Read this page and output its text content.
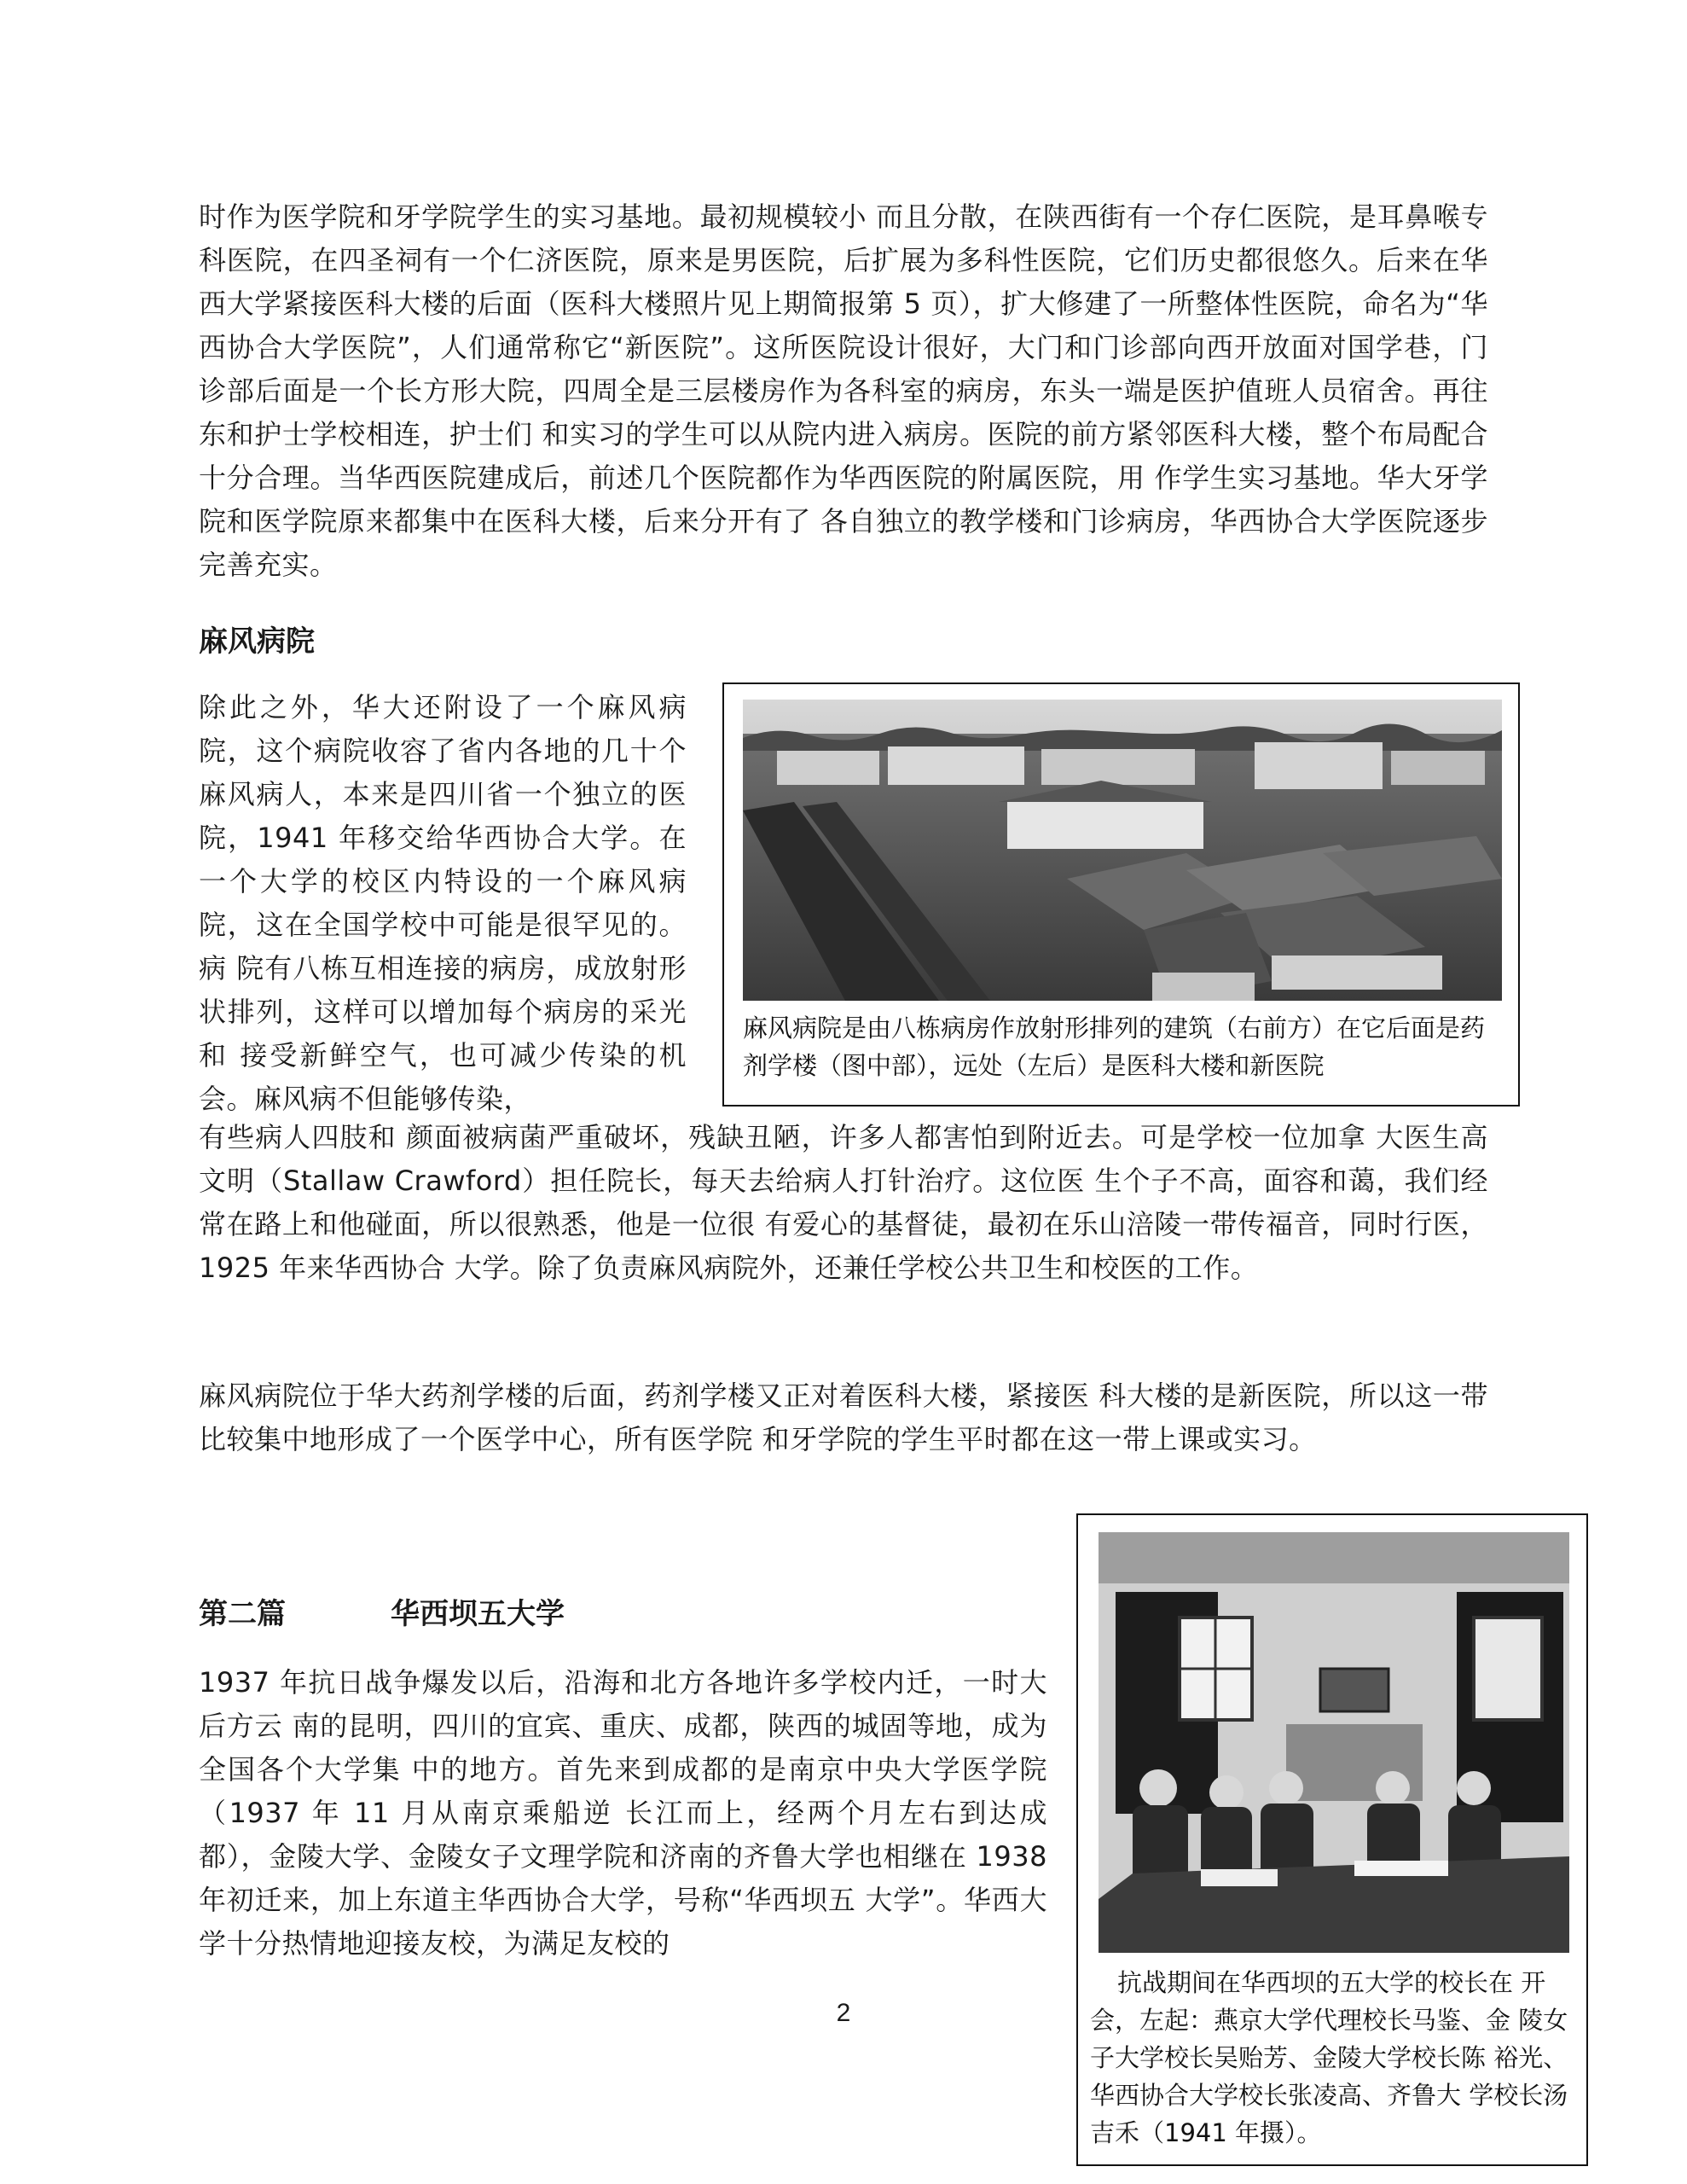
时作为医学院和牙学院学生的实习基地。最初规模较小 而且分散，在陕西街有一个存仁医院，是耳鼻喉专科医院，在四圣祠有一个仁济医院，原来是男医院，后扩展为多科性医院，它们历史都很悠久。后来在华西大学紧接医科大楼的后面（医科大楼照片见上期简报第 5 页），扩大修建了一所整体性医院，命名为“华西协合大学医院”，人们通常称它“新医院”。这所医院设计很好，大门和门诊部向西开放面对国学巷，门诊部后面是一个长方形大院，四周全是三层楼房作为各科室的病房，东头一端是医护值班人员宿舍。再往东和护士学校相连，护士们 和实习的学生可以从院内进入病房。医院的前方紧邻医科大楼，整个布局配合 十分合理。当华西医院建成后，前述几个医院都作为华西医院的附属医院，用 作学生实习基地。华大牙学院和医学院原来都集中在医科大楼，后来分开有了 各自独立的教学楼和门诊病房，华西协合大学医院逐步完善充实。

麻风病院

除此之外，华大还附设了一个麻风病院，这个病院收容了省内各地的几十个麻风病人，本来是四川省一个独立的医院，1941 年移交给华西协合大学。在 一个大学的校区内特设的一个麻风病院，这在全国学校中可能是很罕见的。病 院有八栋互相连接的病房，成放射形状排列，这样可以增加每个病房的采光和 接受新鲜空气，也可减少传染的机会。麻风病不但能够传染，

麻风病院是由八栋病房作放射形排列的建筑（右前方）在它后面是药剂学楼（图中部），远处（左后）是医科大楼和新医院

有些病人四肢和 颜面被病菌严重破坏，残缺丑陋，许多人都害怕到附近去。可是学校一位加拿 大医生高文明（Stallaw Crawford）担任院长，每天去给病人打针治疗。这位医 生个子不高，面容和蔼，我们经常在路上和他碰面，所以很熟悉，他是一位很 有爱心的基督徒，最初在乐山涪陵一带传福音，同时行医，1925 年来华西协合 大学。除了负责麻风病院外，还兼任学校公共卫生和校医的工作。

麻风病院位于华大药剂学楼的后面，药剂学楼又正对着医科大楼，紧接医 科大楼的是新医院，所以这一带比较集中地形成了一个医学中心，所有医学院 和牙学院的学生平时都在这一带上课或实习。

第二篇	华西坝五大学

1937 年抗日战争爆发以后，沿海和北方各地许多学校内迁，一时大后方云 南的昆明，四川的宜宾、重庆、成都，陕西的城固等地，成为全国各个大学集 中的地方。首先来到成都的是南京中央大学医学院（1937 年 11 月从南京乘船逆 长江而上，经两个月左右到达成都），金陵大学、金陵女子文理学院和济南的齐鲁大学也相继在 1938 年初迁来，加上东道主华西协合大学，号称“华西坝五 大学”。华西大学十分热情地迎接友校，为满足友校的

抗战期间在华西坝的五大学的校长在 开

会，左起：燕京大学代理校长马鉴、金 陵女子大学校长吴贻芳、金陵大学校长陈 裕光、华西协合大学校长张凌高、齐鲁大 学校长汤吉禾（1941 年摄）。

2
